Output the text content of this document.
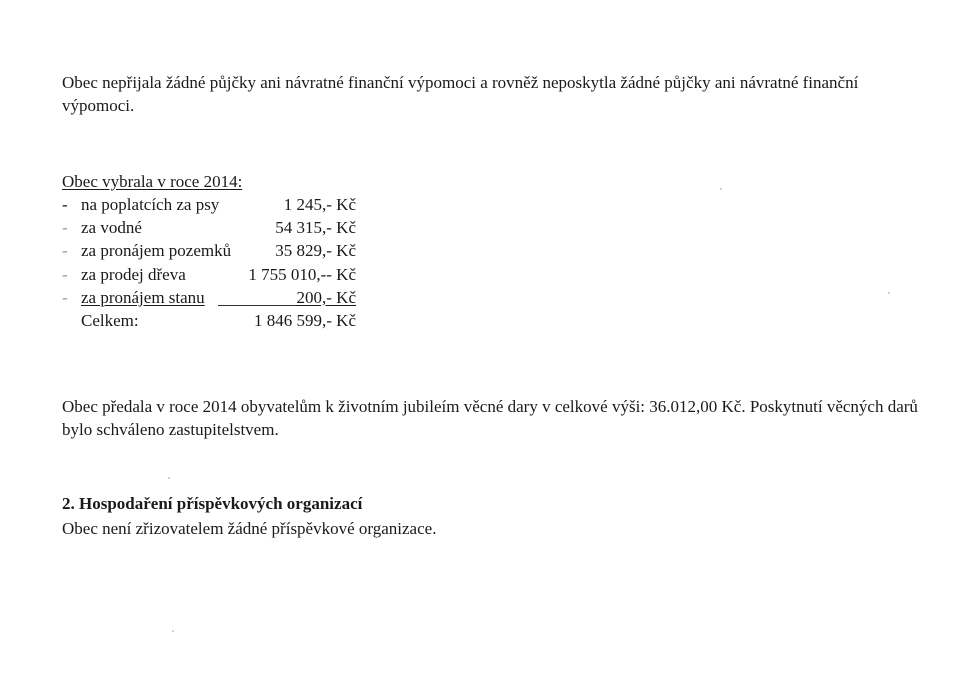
Obec nepřijala žádné půjčky ani návratné finanční výpomoci a rovněž neposkytla žádné půjčky ani návratné finanční výpomoci.

Obec vybrala v roce 2014:
- na poplatcích za psy	1 245,- Kč
- za vodné	54 315,- Kč
- za pronájem pozemků	35 829,- Kč
- za prodej dřeva	1 755 010,-- Kč
- za pronájem stanu	200,- Kč
Celkem:	1 846 599,- Kč

Obec předala v roce 2014 obyvatelům k životním jubileím věcné dary v celkové výši: 36.012,00 Kč. Poskytnutí věcných darů bylo schváleno zastupitelstvem.

2. Hospodaření příspěvkových organizací

Obec není zřizovatelem žádné příspěvkové organizace.
